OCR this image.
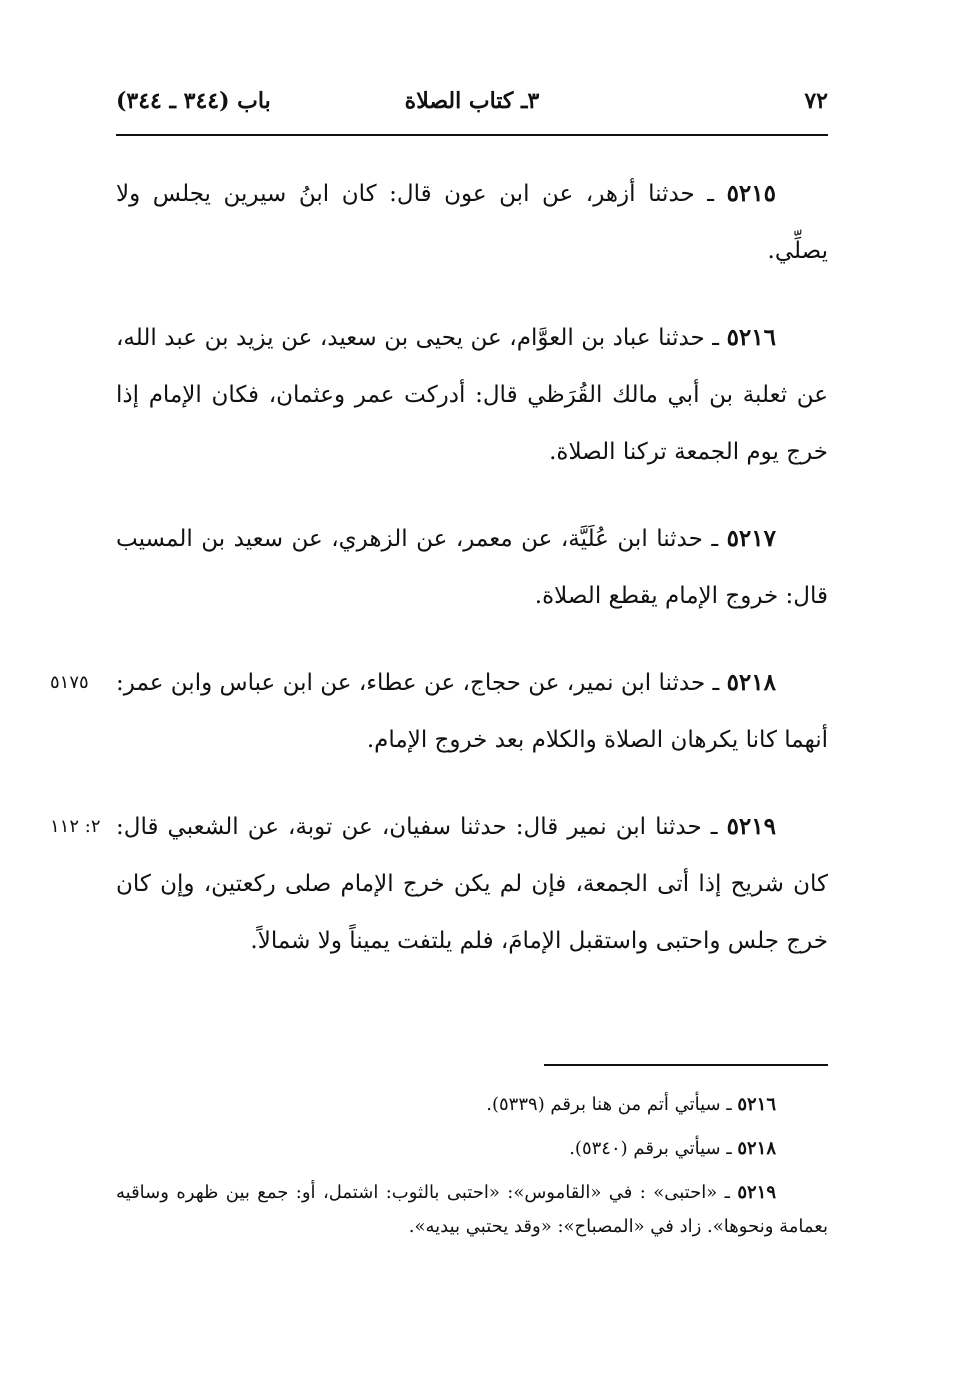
٧٢
٣ـ كتاب الصلاة
باب (٣٤٤ ـ ٣٤٤)

٥٢١٥ ـ حدثنا أزهر، عن ابن عون قال: كان ابنُ سيرين يجلس ولا يصلِّي.

٥٢١٦ ـ حدثنا عباد بن العوَّام، عن يحيى بن سعيد، عن يزيد بن عبد الله، عن ثعلبة بن أبي مالك القُرَظي قال: أدركت عمر وعثمان، فكان الإمام إذا خرج يوم الجمعة تركنا الصلاة.

٥٢١٧ ـ حدثنا ابن عُلَيَّة، عن معمر، عن الزهري، عن سعيد بن المسيب قال: خروج الإمام يقطع الصلاة.

٥١٧٥	٥٢١٨ ـ حدثنا ابن نمير، عن حجاج، عن عطاء، عن ابن عباس وابن عمر: أنهما كانا يكرهان الصلاة والكلام بعد خروج الإمام.

٢: ١١٢	٥٢١٩ ـ حدثنا ابن نمير قال: حدثنا سفيان، عن توبة، عن الشعبي قال: كان شريح إذا أتى الجمعة، فإن لم يكن خرج الإمام صلى ركعتين، وإن كان خرج جلس واحتبى واستقبل الإمامَ، فلم يلتفت يميناً ولا شمالاً.

٥٢١٦ ـ سيأتي أتم من هنا برقم (٥٣٣٩).

٥٢١٨ ـ سيأتي برقم (٥٣٤٠).

٥٢١٩ ـ «احتبى» : في «القاموس»: «احتبى بالثوب: اشتمل، أو: جمع بين ظهره وساقيه بعمامة ونحوها». زاد في «المصباح»: «وقد يحتبي بيديه».
